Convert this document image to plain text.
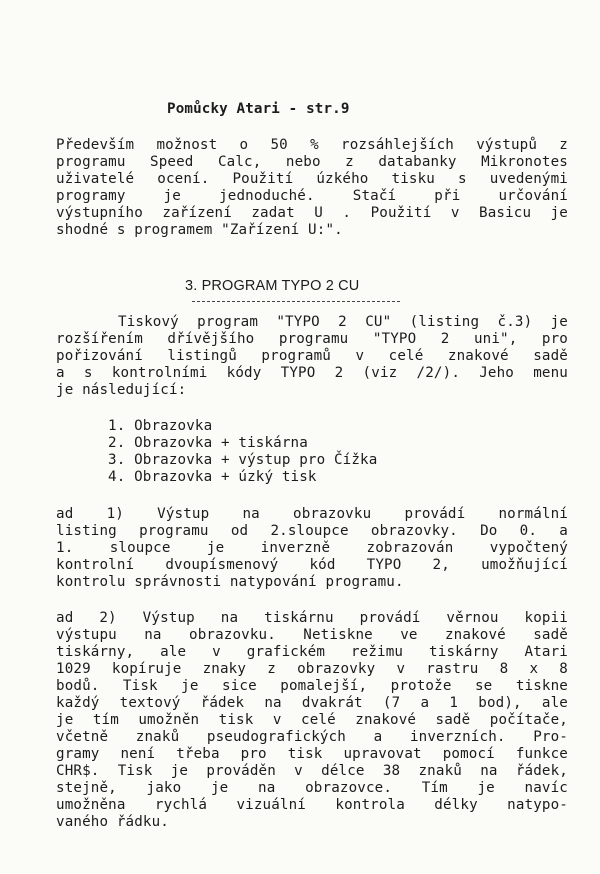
Pomůcky Atari - str.9
Především možnost o 50 % rozsáhlejších výstupů z
programu Speed Calc, nebo z databanky Mikronotes
uživatelé ocení. Použití úzkého tisku s uvedenými
programy je jednoduché. Stačí při určování
výstupního zařízení zadat U . Použití v Basicu je
shodné s programem "Zařízení U:".
3. PROGRAM TYPO 2 CU
Tiskový program "TYPO 2 CU" (listing č.3) je
rozšířením dřívějšího programu "TYPO 2 uni", pro
pořizování listingů programů v celé znakové sadě
a s kontrolními kódy TYPO 2 (viz /2/). Jeho menu
je následující:
1. Obrazovka
2. Obrazovka + tiskárna
3. Obrazovka + výstup pro Čížka
4. Obrazovka + úzký tisk
ad 1) Výstup na obrazovku provádí normální
listing programu od 2.sloupce obrazovky. Do 0. a
1. sloupce je inverzně zobrazován vypočtený
kontrolní dvoupísmenový kód TYPO 2, umožňující
kontrolu správnosti natypování programu.
ad 2) Výstup na tiskárnu provádí věrnou kopii
výstupu na obrazovku. Netiskne ve znakové sadě
tiskárny, ale v grafickém režimu tiskárny Atari
1029 kopíruje znaky z obrazovky v rastru 8 x 8
bodů. Tisk je sice pomalejší, protože se tiskne
každý textový řádek na dvakrát (7 a 1 bod), ale
je tím umožněn tisk v celé znakové sadě počítače,
včetně znaků pseudografických a inverzních. Pro-
gramy není třeba pro tisk upravovat pomocí funkce
CHR$. Tisk je prováděn v délce 38 znaků na řádek,
stejně, jako je na obrazovce. Tím je navíc
umožněna rychlá vizuální kontrola délky natypo-
vaného řádku.
